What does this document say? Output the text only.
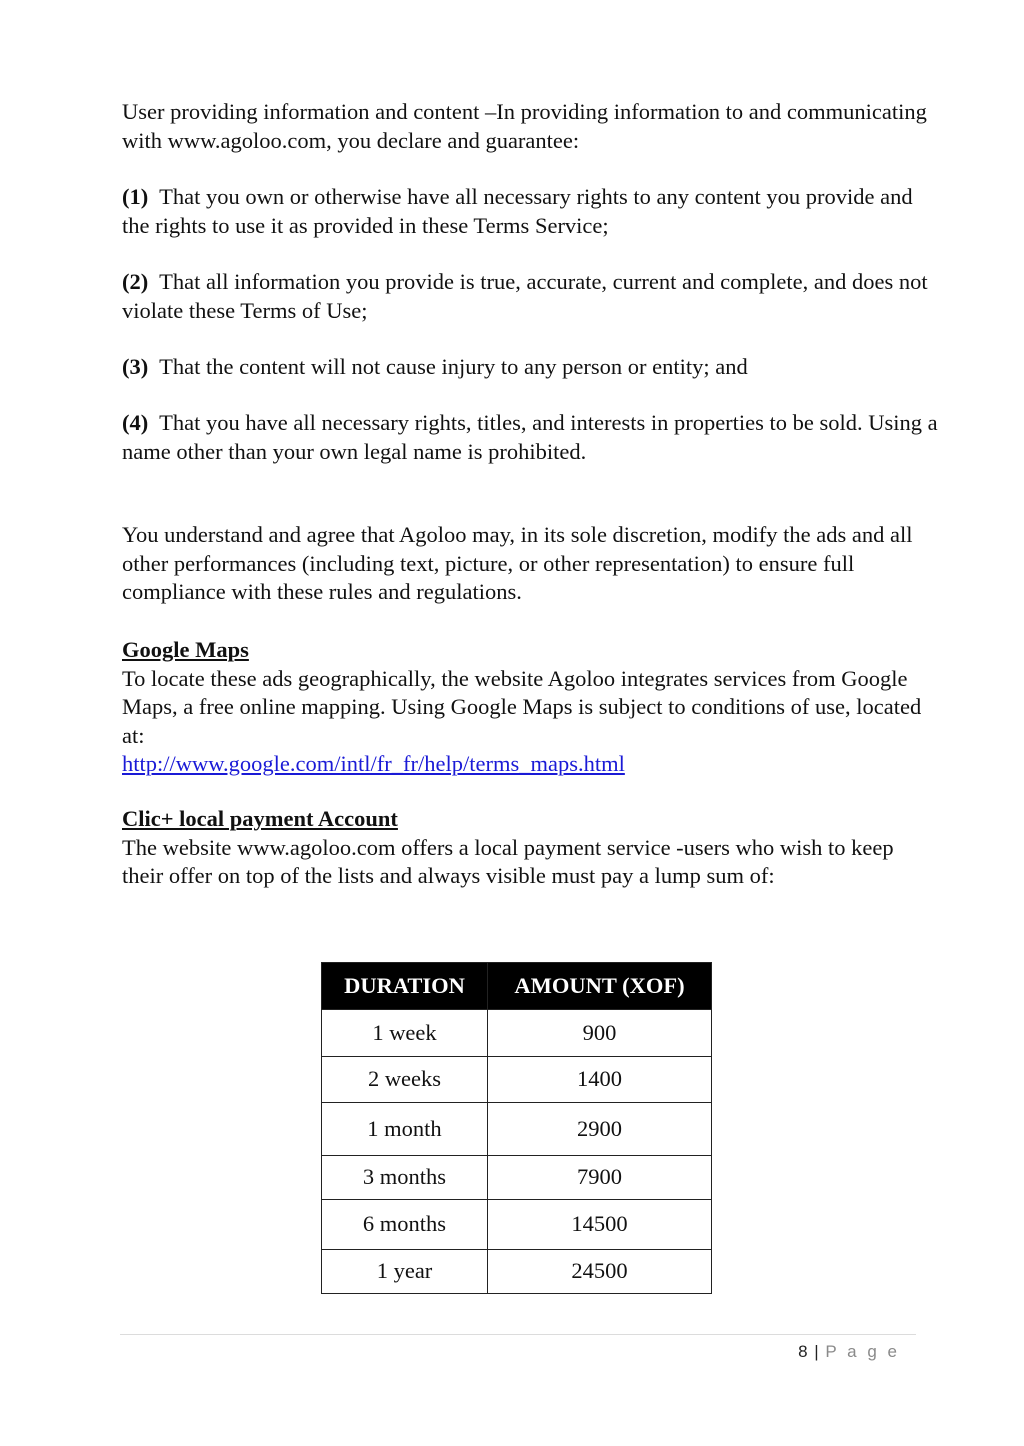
User providing information and content –In providing information to and communicating with www.agoloo.com, you declare and guarantee:

(1) That you own or otherwise have all necessary rights to any content you provide and the rights to use it as provided in these Terms Service;

(2) That all information you provide is true, accurate, current and complete, and does not violate these Terms of Use;

(3) That the content will not cause injury to any person or entity; and

(4) That you have all necessary rights, titles, and interests in properties to be sold. Using a name other than your own legal name is prohibited.

You understand and agree that Agoloo may, in its sole discretion, modify the ads and all other performances (including text, picture, or other representation) to ensure full compliance with these rules and regulations.

Google Maps

To locate these ads geographically, the website Agoloo integrates services from Google Maps, a free online mapping. Using Google Maps is subject to conditions of use, located at:

http://www.google.com/intl/fr_fr/help/terms_maps.html

Clic+ local payment Account

The website www.agoloo.com offers a local payment service -users who wish to keep

their offer on top of the lists and always visible must pay a lump sum of:

DURATION	AMOUNT (XOF)
1 week	900
2 weeks	1400
1 month	2900
3 months	7900
6 months	14500
1 year	24500
8 | P a g e
